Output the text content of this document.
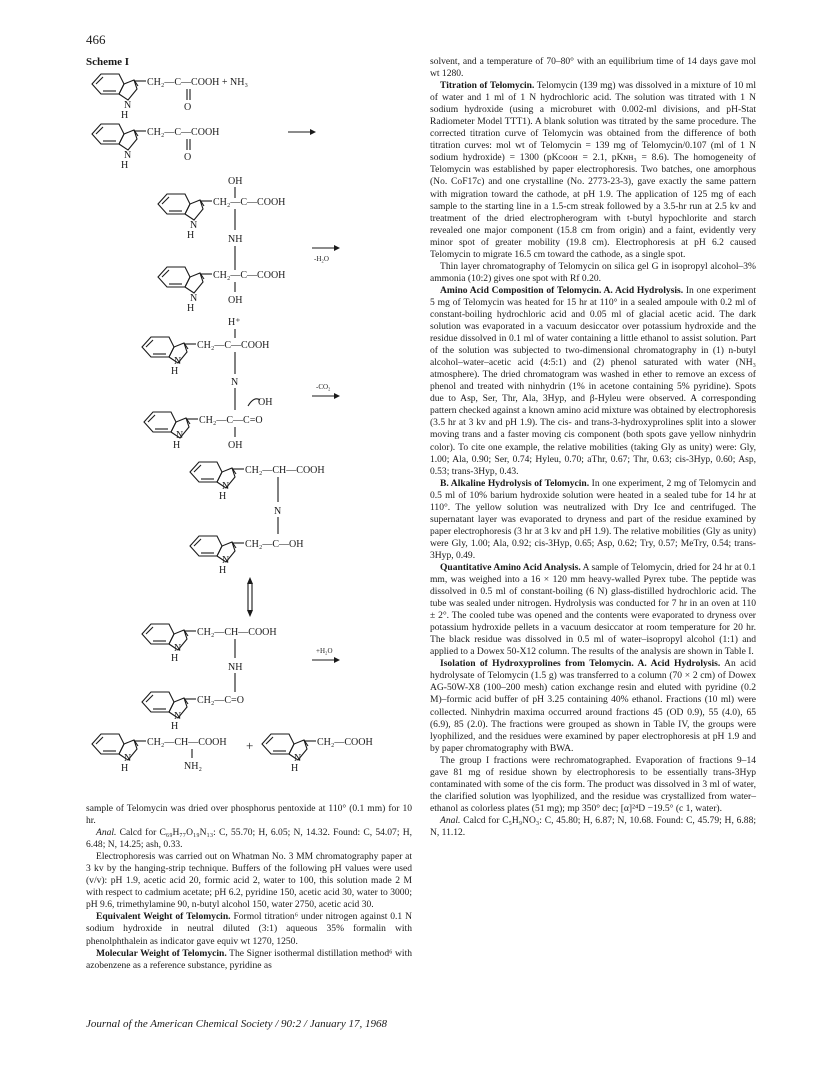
466
Scheme I
CH₂—C—COOH + NH₃
O
N
H
CH₂—C—COOH
O
N
H
OH
CH₂—C—COOH
N
H	NH
-H₂O
CH₂—C—COOH
OH
N
H
H⁺
CH₂—C—COOH
N
H
N	-CO₂
OH
CH₂—C—C=O
OH
N
H
CH₂—CH—COOH
N
H
N
CH₂—C—OH
N
H
CH₂—CH—COOH
N
H
NH
+H₂O
CH₂—C=O
N
H
CH₂—CH—COOH
NH₂
N
H
+	CH₂—COOH
N
H

sample of Telomycin was dried over phosphorus pentoxide at 110° (0.1 mm) for 10 hr.

Anal. Calcd for C₆₉H₇₇O₁₉N₁₃: C, 55.70; H, 6.05; N, 14.32. Found: C, 54.07; H, 6.48; N, 14.25; ash, 0.33.

Electrophoresis was carried out on Whatman No. 3 MM chromatography paper at 3 kv by the hanging-strip technique. Buffers of the following pH values were used (v/v): pH 1.9, acetic acid 20, formic acid 2, water to 100, this solution made 2 M with respect to cadmium acetate; pH 6.2, pyridine 150, acetic acid 30, water to 3000; pH 9.6, trimethylamine 90, n-butyl alcohol 150, water 2750, acetic acid 30.

Equivalent Weight of Telomycin. Formol titration⁶ under nitrogen against 0.1 N sodium hydroxide in neutral diluted (3:1) aqueous 35% formalin with phenolphthalein as indicator gave equiv wt 1270, 1250.

Molecular Weight of Telomycin. The Signer isothermal distillation method⁶ with azobenzene as a reference substance, pyridine as

solvent, and a temperature of 70–80° with an equilibrium time of 14 days gave mol wt 1280.

Titration of Telomycin. Telomycin (139 mg) was dissolved in a mixture of 10 ml of water and 1 ml of 1 N hydrochloric acid. The solution was titrated with 1 N sodium hydroxide (using a microburet with 0.002-ml divisions, and pH-Stat Radiometer Model TTT1). A blank solution was titrated by the same procedure. The corrected titration curve of Telomycin was obtained from the difference of both titration curves: mol wt of Telomycin = 139 mg of Telomycin/0.107 (ml of 1 N sodium hydroxide) = 1300 (pKᴄᴏᴏʜ = 2.1, pKɴʜ₃ = 8.6). The homogeneity of Telomycin was established by paper electrophoresis. Two batches, one amorphous (No. CoF17c) and one crystalline (No. 2773-23-3), gave exactly the same pattern with migration toward the cathode, at pH 1.9. The application of 125 mg of each sample to the starting line in a 1.5-cm streak followed by a 3.5-hr run at 2.5 kv and treatment of the dried electropherogram with t-butyl hypochlorite and starch revealed one major component (15.8 cm from origin) and a faint, evidently very minor spot of greater mobility (19.8 cm). Electrophoresis at pH 6.2 caused Telomycin to migrate 16.5 cm toward the cathode, as a single spot.

Thin layer chromatography of Telomycin on silica gel G in isopropyl alcohol–3% ammonia (10:2) gives one spot with Rf 0.20.

Amino Acid Composition of Telomycin. A. Acid Hydrolysis. In one experiment 5 mg of Telomycin was heated for 15 hr at 110° in a sealed ampoule with 0.2 ml of constant-boiling hydrochloric acid and 0.05 ml of glacial acetic acid. The dark solution was evaporated in a vacuum desiccator over potassium hydroxide and the residue dissolved in 0.1 ml of water containing a little ethanol to assist solution. Part of the solution was subjected to two-dimensional chromatography in (1) n-butyl alcohol–water–acetic acid (4:5:1) and (2) phenol saturated with water (NH₃ atmosphere). The dried chromatogram was washed in ether to remove an excess of phenol and treated with ninhydrin (1% in acetone containing 5% pyridine). Spots due to Asp, Ser, Thr, Ala, 3Hyp, and β-Hyleu were observed. A corresponding pattern checked against a known amino acid mixture was obtained by electrophoresis (3.5 hr at 3 kv and pH 1.9). The cis- and trans-3-hydroxyprolines split into a slower moving trans and a faster moving cis component (both spots gave yellow ninhydrin color). To cite one example, the relative mobilities (taking Gly as unity) were: Gly, 1.00; Ala, 0.90; Ser, 0.74; Hyleu, 0.70; aThr, 0.67; Thr, 0.63; cis-3Hyp, 0.60; Asp, 0.53; trans-3Hyp, 0.43.

B. Alkaline Hydrolysis of Telomycin. In one experiment, 2 mg of Telomycin and 0.5 ml of 10% barium hydroxide solution were heated in a sealed tube for 14 hr at 110°. The yellow solution was neutralized with Dry Ice and centrifuged. The supernatant layer was evaporated to dryness and part of the residue examined by paper electrophoresis (3 hr at 3 kv and pH 1.9). The relative mobilities (Gly as unity) were Gly, 1.00; Ala, 0.92; cis-3Hyp, 0.65; Asp, 0.62; Try, 0.57; MeTry, 0.54; trans-3Hyp, 0.49.

Quantitative Amino Acid Analysis. A sample of Telomycin, dried for 24 hr at 0.1 mm, was weighed into a 16 × 120 mm heavy-walled Pyrex tube. The peptide was dissolved in 0.5 ml of constant-boiling (6 N) glass-distilled hydrochloric acid. The tube was sealed under nitrogen. Hydrolysis was conducted for 7 hr in an oven at 110 ± 2°. The cooled tube was opened and the contents were evaporated to dryness over potassium hydroxide pellets in a vacuum desiccator at room temperature for 20 hr. The black residue was dissolved in 0.5 ml of water–isopropyl alcohol (1:1) and applied to a Dowex 50-X12 column. The results of the analysis are shown in Table I.

Isolation of Hydroxyprolines from Telomycin. A. Acid Hydrolysis. An acid hydrolysate of Telomycin (1.5 g) was transferred to a column (70 × 2 cm) of Dowex AG-50W-X8 (100–200 mesh) cation exchange resin and eluted with pyridine (0.2 M)–formic acid buffer of pH 3.25 containing 40% ethanol. Fractions (10 ml) were collected. Ninhydrin maxima occurred around fractions 45 (OD 0.9), 55 (4.0), 65 (6.9), 85 (2.0). The fractions were grouped as shown in Table IV, the groups were lyophilized, and the residues were examined by paper electrophoresis at pH 1.9 and by paper chromatography with BWA.

The group I fractions were rechromatographed. Evaporation of fractions 9–14 gave 81 mg of residue shown by electrophoresis to be essentially trans-3Hyp contaminated with some of the cis form. The product was dissolved in 3 ml of water, the clarified solution was lyophilized, and the residue was crystallized from water–ethanol as colorless plates (51 mg); mp 350° dec; [α]²⁴D −19.5° (c 1, water).

Anal. Calcd for C₅H₉NO₃: C, 45.80; H, 6.87; N, 10.68. Found: C, 45.79; H, 6.88; N, 11.12.

Journal of the American Chemical Society / 90:2 / January 17, 1968
